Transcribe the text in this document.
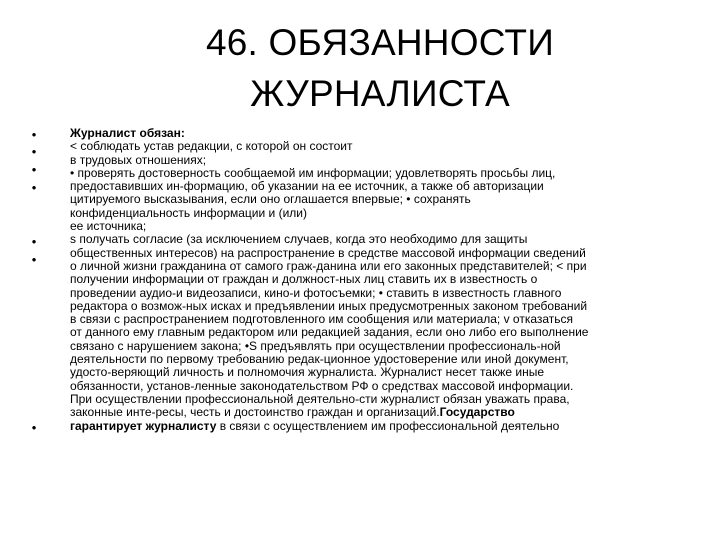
46. ОБЯЗАННОСТИ
ЖУРНАЛИСТА
•
•
•
•
•
•
•
Журналист обязан:
< соблюдать устав редакции, с которой он состоит
в трудовых отношениях;
• проверять достоверность сообщаемой им информации; удовлетворять просьбы лиц,
предоставивших ин-формацию, об указании на ее источник, а также об авторизации
цитируемого высказывания, если оно оглашается впервые; • сохранять
конфиденциальность информации и (или)
ее источника;
s получать согласие (за исключением случаев, когда это необходимо для защиты
общественных интересов) на распространение в средстве массовой информации сведений
о личной жизни гражданина от самого граж-данина или его законных представителей; < при
получении информации от граждан и должност-ных лиц ставить их в известность о
проведении аудио-и видеозаписи, кино-и фотосъемки; • ставить в известность главного
редактора о возмож-ных исках и предъявлении иных предусмотренных законом требований
в связи с распространением подготовленного им сообщения или материала; v отказаться
от данного ему главным редактором или редакцией задания, если оно либо его выполнение
связано с нарушением закона; •S предъявлять при осуществлении профессиональ-ной
деятельности по первому требованию редак-ционное удостоверение или иной документ,
удосто-веряющий личность и полномочия журналиста. Журналист несет также иные
обязанности, установ-ленные законодательством РФ о средствах массовой информации.
При осуществлении профессиональной деятельно-сти журналист обязан уважать права,
законные инте-ресы, честь и достоинство граждан и организаций.Государство
гарантирует журналисту в связи с осуществлением им профессиональной деятельно
